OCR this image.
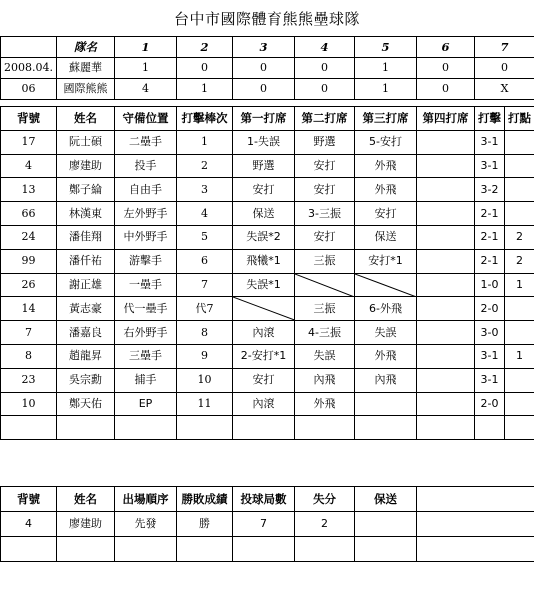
台中市國際體育熊熊壘球隊
	隊名	1	2	3	4	5	6	7
2008.04.	蘇麗華	1	0	0	0	1	0	0
06	國際熊熊	4	1	0	0	1	0	X
背號	姓名	守備位置	打擊棒次	第一打席	第二打席	第三打席	第四打席	打擊	打點
17	阮士碩	二壘手	1	1-失誤	野選	5-安打		3-1	
4	廖建助	投手	2	野選	安打	外飛		3-1	
13	鄭子綸	自由手	3	安打	安打	外飛		3-2	
66	林漢東	左外野手	4	保送	3-三振	安打		2-1	
24	潘佳翔	中外野手	5	失誤*2	安打	保送		2-1	2
99	潘仟祐	游擊手	6	飛犧*1	三振	安打*1		2-1	2
26	謝正雄	一壘手	7	失誤*1				1-0	1
14	黃志豪	代一壘手	代7		三振	6-外飛		2-0	
7	潘嘉良	右外野手	8	內滾	4-三振	失誤		3-0	
8	趙龍昇	三壘手	9	2-安打*1	失誤	外飛		3-1	1
23	吳宗勳	捕手	10	安打	內飛	內飛		3-1	
10	鄭天佑	EP	11	內滾	外飛			2-0	

背號	姓名	出場順序	勝敗成績	投球局數	失分	保送	
4	廖建助	先發	勝	7	2		
